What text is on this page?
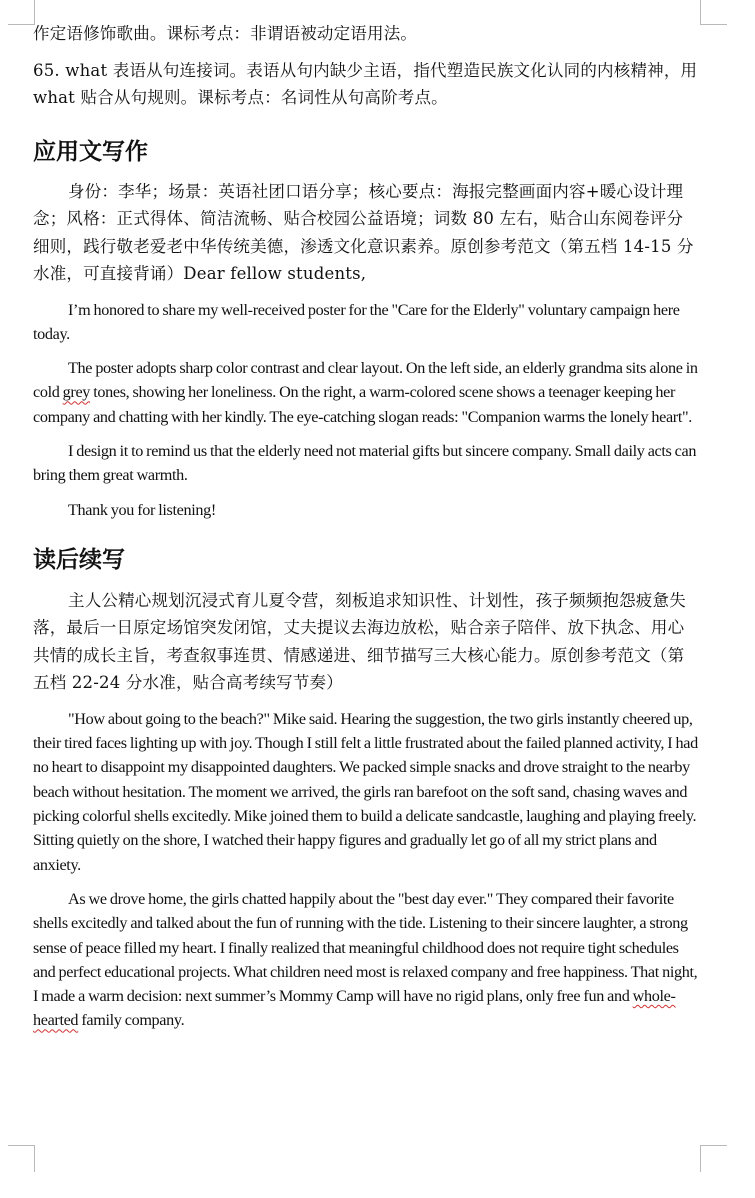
作定语修饰歌曲。课标考点：非谓语被动定语用法。

65. what 表语从句连接词。表语从句内缺少主语，指代塑造民族文化认同的内核精神，用 what 贴合从句规则。课标考点：名词性从句高阶考点。

应用文写作

身份：李华；场景：英语社团口语分享；核心要点：海报完整画面内容+暖心设计理念；风格：正式得体、简洁流畅、贴合校园公益语境；词数 80 左右，贴合山东阅卷评分细则，践行敬老爱老中华传统美德，渗透文化意识素养。原创参考范文（第五档 14-15 分水准，可直接背诵）Dear fellow students,

I’m honored to share my well-received poster for the "Care for the Elderly" voluntary campaign here today.

The poster adopts sharp color contrast and clear layout. On the left side, an elderly grandma sits alone in cold grey tones, showing her loneliness. On the right, a warm-colored scene shows a teenager keeping her company and chatting with her kindly. The eye-catching slogan reads: "Companion warms the lonely heart".

I design it to remind us that the elderly need not material gifts but sincere company. Small daily acts can bring them great warmth.

Thank you for listening!

读后续写

主人公精心规划沉浸式育儿夏令营，刻板追求知识性、计划性，孩子频频抱怨疲惫失落，最后一日原定场馆突发闭馆，丈夫提议去海边放松，贴合亲子陪伴、放下执念、用心共情的成长主旨，考查叙事连贯、情感递进、细节描写三大核心能力。原创参考范文（第五档 22-24 分水准，贴合高考续写节奏）

"How about going to the beach?" Mike said. Hearing the suggestion, the two girls instantly cheered up, their tired faces lighting up with joy. Though I still felt a little frustrated about the failed planned activity, I had no heart to disappoint my disappointed daughters. We packed simple snacks and drove straight to the nearby beach without hesitation. The moment we arrived, the girls ran barefoot on the soft sand, chasing waves and picking colorful shells excitedly. Mike joined them to build a delicate sandcastle, laughing and playing freely. Sitting quietly on the shore, I watched their happy figures and gradually let go of all my strict plans and anxiety.

As we drove home, the girls chatted happily about the "best day ever." They compared their favorite shells excitedly and talked about the fun of running with the tide. Listening to their sincere laughter, a strong sense of peace filled my heart. I finally realized that meaningful childhood does not require tight schedules and perfect educational projects. What children need most is relaxed company and free happiness. That night, I made a warm decision: next summer’s Mommy Camp will have no rigid plans, only free fun and whole-hearted family company.
